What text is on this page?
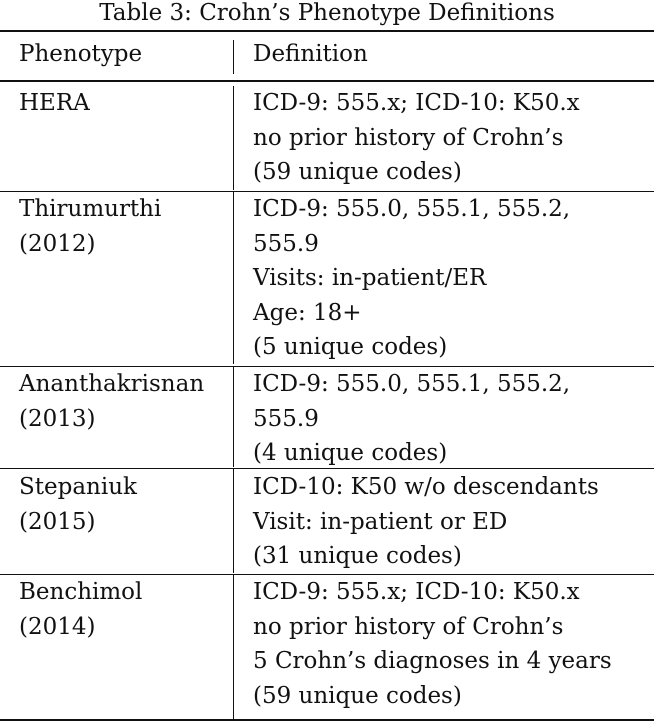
Table 3: Crohn’s Phenotype Definitions
Phenotype	Definition
HERA	ICD-9: 555.x; ICD-10: K50.x
no prior history of Crohn’s
(59 unique codes)
Thirumurthi
(2012)
ICD-9: 555.0, 555.1, 555.2,
555.9
Visits: in-patient/ER
Age: 18+
(5 unique codes)
Ananthakrisnan
(2013)
ICD-9: 555.0, 555.1, 555.2,
555.9
(4 unique codes)
Stepaniuk
(2015)
ICD-10: K50 w/o descendants
Visit: in-patient or ED
(31 unique codes)
Benchimol
(2014)
ICD-9: 555.x; ICD-10: K50.x
no prior history of Crohn’s
5 Crohn’s diagnoses in 4 years
(59 unique codes)
